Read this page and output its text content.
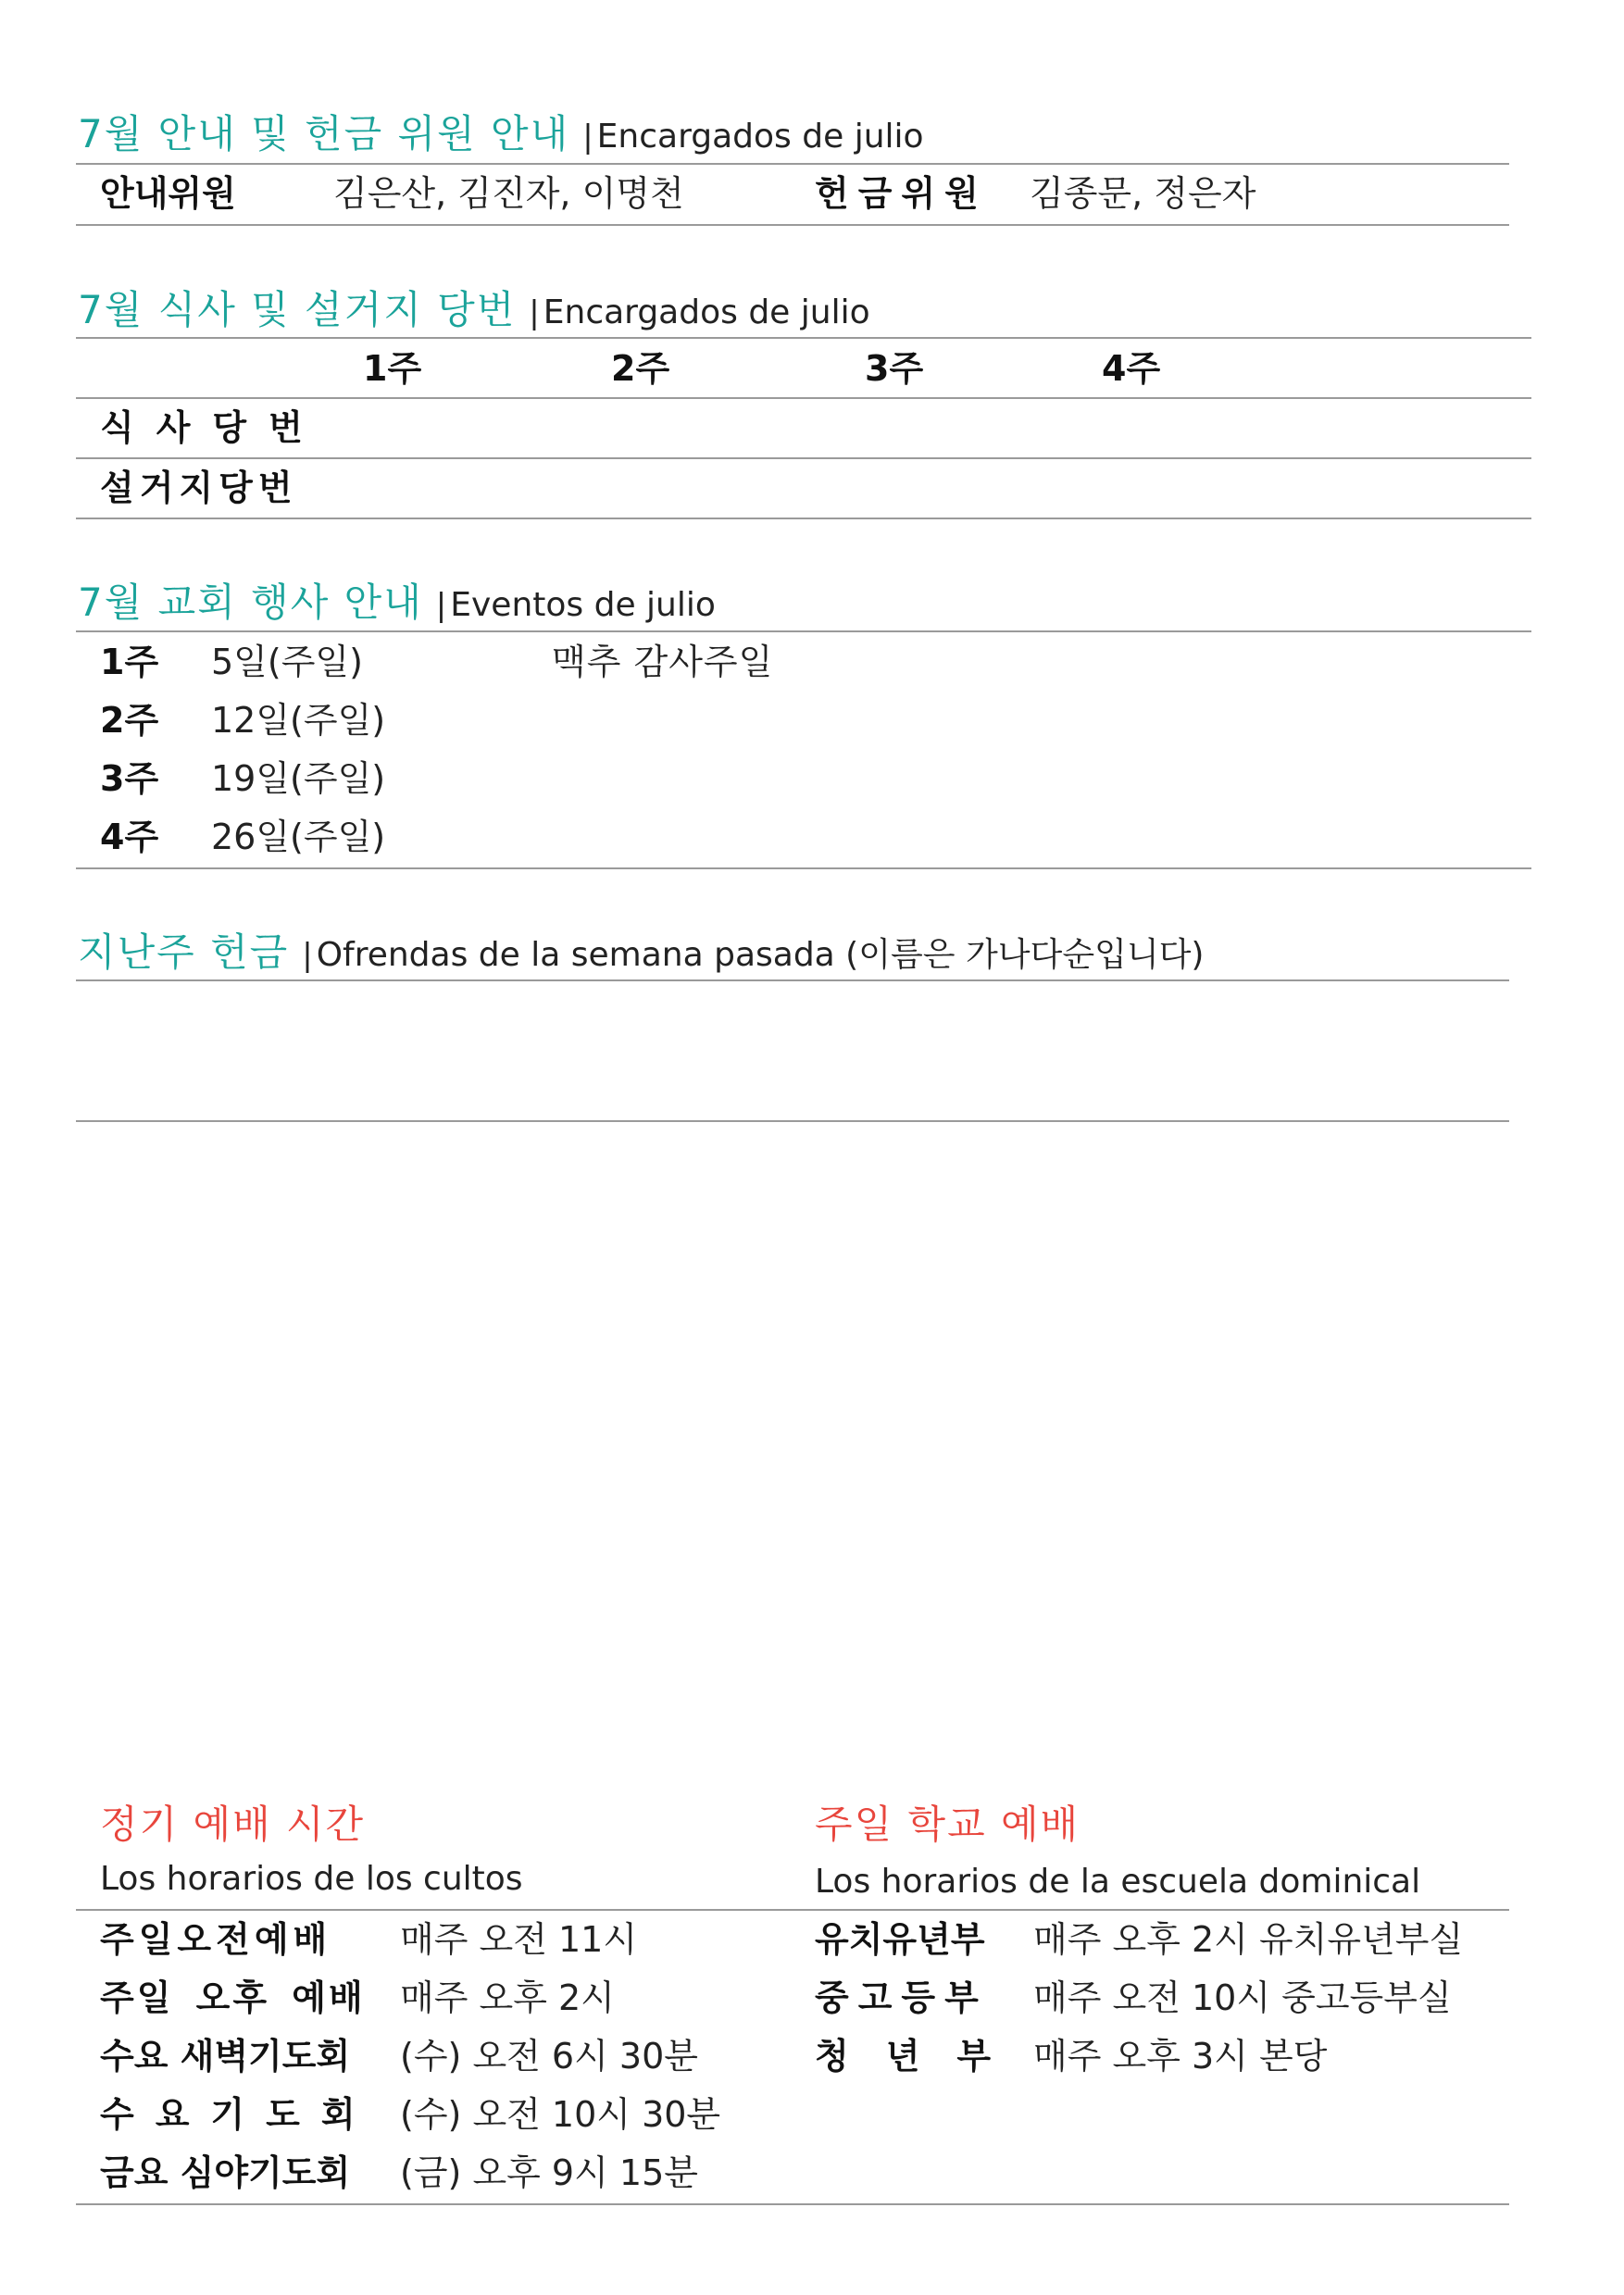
7월 안내 및 헌금 위원 안내 | Encargados de julio
안내위원	김은산, 김진자, 이명천	헌금위원 김종문, 정은자
7월 식사 및 설거지 당번 | Encargados de julio
1주	2주	3주	4주
식사당번
설거지당번
7월 교회 행사 안내 | Eventos de julio
1주 5일(주일)	맥추 감사주일
2주 12일(주일)
3주 19일(주일)
4주 26일(주일)
지난주 헌금 | Ofrendas de la semana pasada (이름은 가나다순입니다)
정기 예배 시간
Los horarios de los cultos
주일 학교 예배
Los horarios de la escuela dominical
주일오전예배	매주 오전 11시
주일 오후 예배 매주 오후 2시
수요 새벽기도회 (수) 오전 6시 30분
수요기도회 (수) 오전 10시 30분
금요 심야기도회 (금) 오후 9시 15분
유치유년부 매주 오후 2시 유치유년부실
중고등부 매주 오전 10시 중고등부실
청년부 매주 오후 3시 본당
